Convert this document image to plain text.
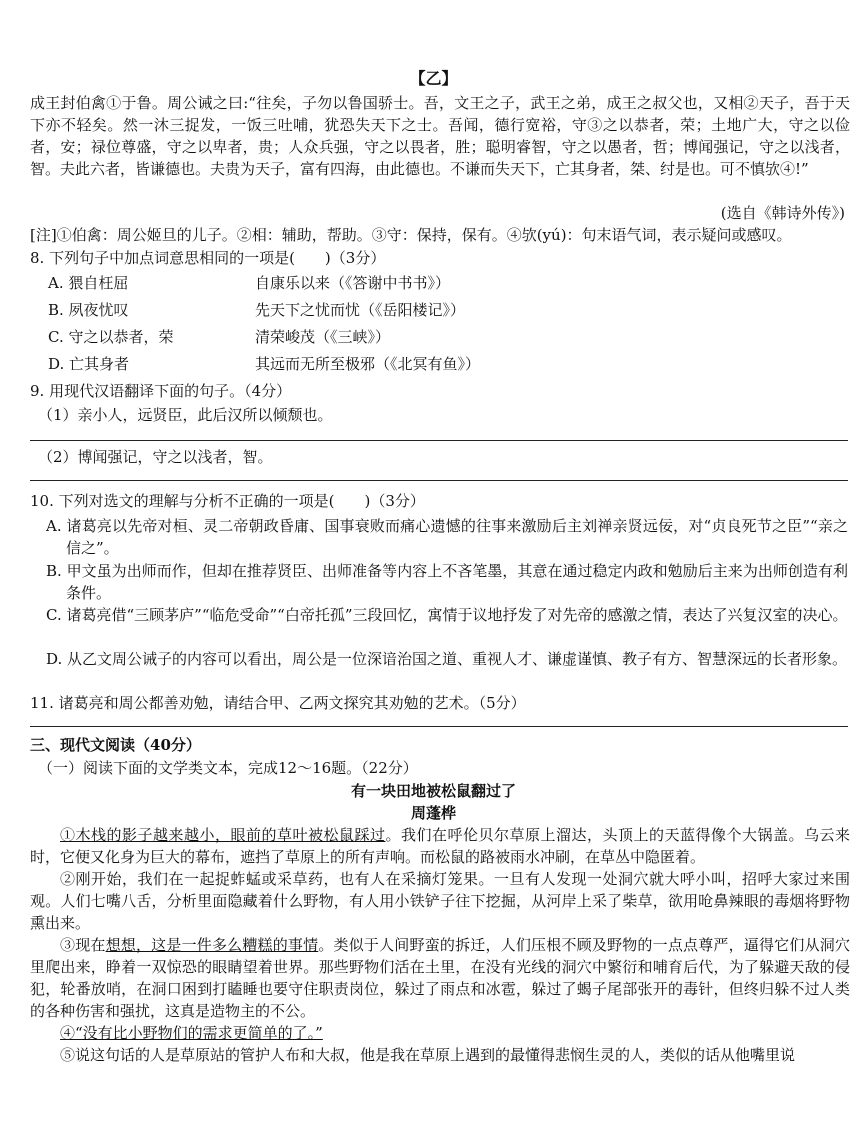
【乙】
成王封伯禽①于鲁。周公诫之曰:“往矣，子勿以鲁国骄士。吾，文王之子，武王之弟，成王之叔父也，又相②天子，吾于天下亦不轻矣。然一沐三捉发，一饭三吐哺，犹恐失天下之士。吾闻，德行宽裕，守③之以恭者，荣；土地广大，守之以俭者，安；禄位尊盛，守之以卑者，贵；人众兵强，守之以畏者，胜；聪明睿智，守之以愚者，哲；博闻强记，守之以浅者，智。夫此六者，皆谦德也。夫贵为天子，富有四海，由此德也。不谦而失天下，亡其身者，桀、纣是也。可不慎欤④!”
(选自《韩诗外传》)
[注]①伯禽：周公姬旦的儿子。②相：辅助，帮助。③守：保持，保有。④欤(yú)：句末语气词，表示疑问或感叹。
8. 下列句子中加点词意思相同的一项是(　　)（3分）
A. 猥自枉屈	自康乐以来（《答谢中书书》）
B. 夙夜忧叹	先天下之忧而忧（《岳阳楼记》）
C. 守之以恭者，荣	清荣峻茂（《三峡》）
D. 亡其身者	其远而无所至极邪（《北冥有鱼》）
9. 用现代汉语翻译下面的句子。（4分）
（1）亲小人，远贤臣，此后汉所以倾颓也。
（2）博闻强记，守之以浅者，智。
10. 下列对选文的理解与分析不正确的一项是(　　)（3分）
A. 诸葛亮以先帝对桓、灵二帝朝政昏庸、国事衰败而痛心遗憾的往事来激励后主刘禅亲贤远佞，对“贞良死节之臣”“亲之信之”。
B. 甲文虽为出师而作，但却在推荐贤臣、出师准备等内容上不吝笔墨，其意在通过稳定内政和勉励后主来为出师创造有利条件。
C. 诸葛亮借“三顾茅庐”“临危受命”“白帝托孤”三段回忆，寓情于议地抒发了对先帝的感激之情，表达了兴复汉室的决心。
D. 从乙文周公诫子的内容可以看出，周公是一位深谙治国之道、重视人才、谦虚谨慎、教子有方、智慧深远的长者形象。
11. 诸葛亮和周公都善劝勉，请结合甲、乙两文探究其劝勉的艺术。（5分）
三、现代文阅读（40分）
（一）阅读下面的文学类文本，完成12～16题。（22分）
有一块田地被松鼠翻过了
周蓬桦
①木栈的影子越来越小，眼前的草叶被松鼠踩过。我们在呼伦贝尔草原上溜达，头顶上的天蓝得像个大锅盖。乌云来时，它便又化身为巨大的幕布，遮挡了草原上的所有声响。而松鼠的路被雨水冲刷，在草丛中隐匿着。
②刚开始，我们在一起捉蚱蜢或采草药，也有人在采摘灯笼果。一旦有人发现一处洞穴就大呼小叫，招呼大家过来围观。人们七嘴八舌，分析里面隐藏着什么野物，有人用小铁铲子往下挖掘，从河岸上采了柴草，欲用呛鼻辣眼的毒烟将野物熏出来。
③现在想想，这是一件多么糟糕的事情。类似于人间野蛮的拆迁，人们压根不顾及野物的一点点尊严，逼得它们从洞穴里爬出来，睁着一双惊恐的眼睛望着世界。那些野物们活在土里，在没有光线的洞穴中繁衍和哺育后代，为了躲避天敌的侵犯，轮番放哨，在洞口困到打瞌睡也要守住职责岗位，躲过了雨点和冰雹，躲过了蝎子尾部张开的毒针，但终归躲不过人类的各种伤害和强扰，这真是造物主的不公。
④“没有比小野物们的需求更简单的了。”
⑤说这句话的人是草原站的管护人布和大叔，他是我在草原上遇到的最懂得悲悯生灵的人，类似的话从他嘴里说
